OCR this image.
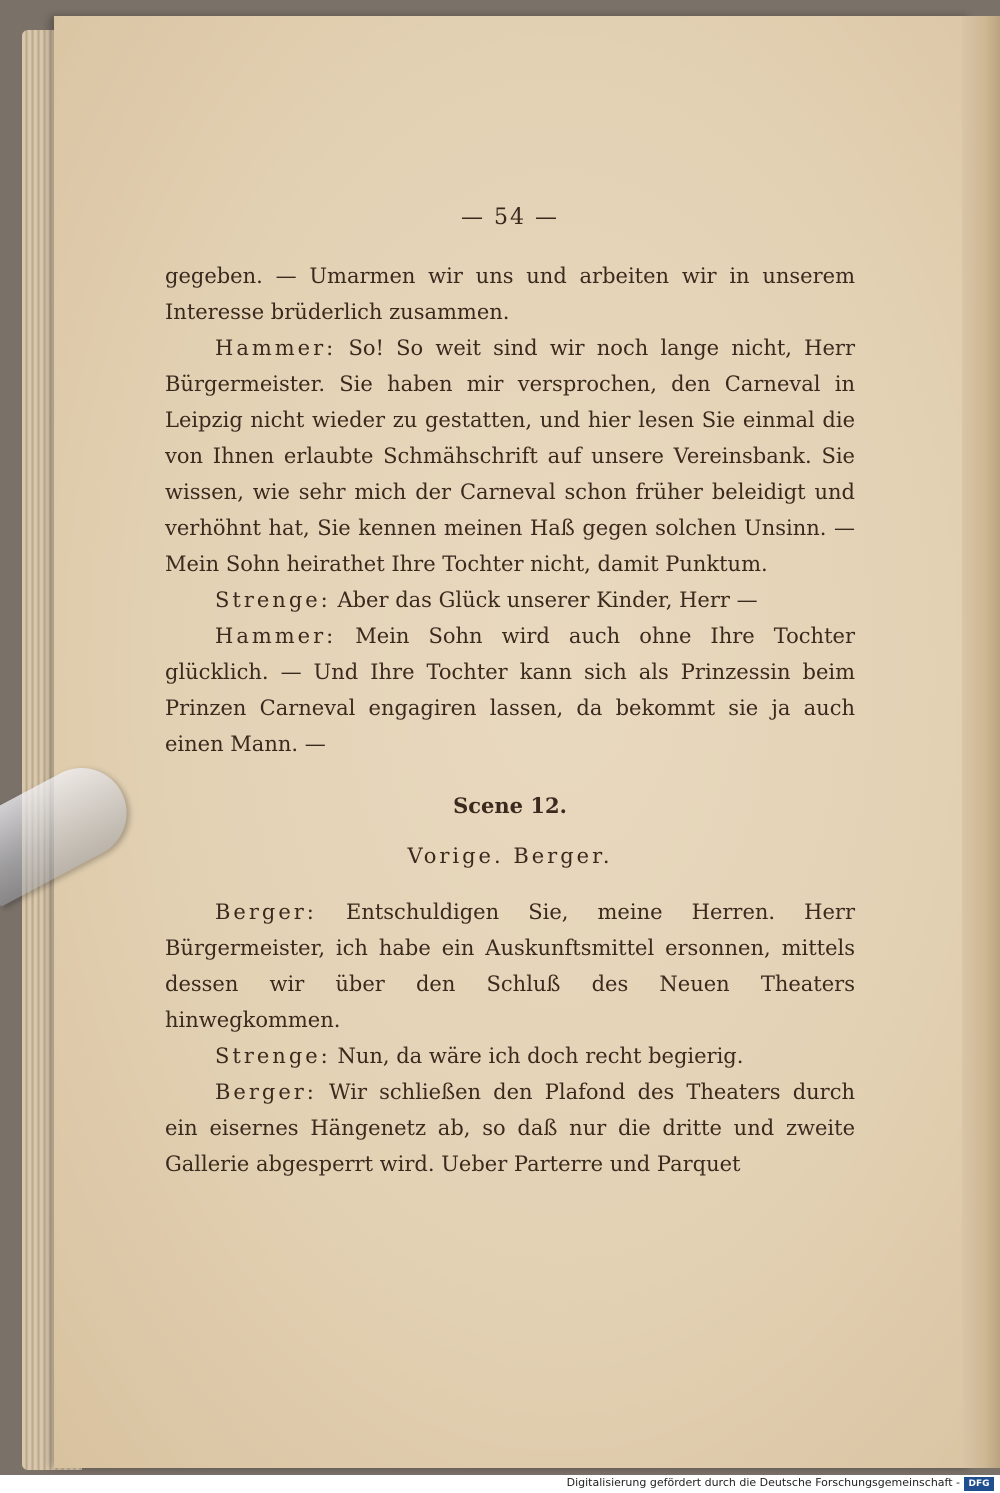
— 54 —

gegeben. — Umarmen wir uns und arbeiten wir in unserem Interesse brüderlich zusammen.

Hammer: So! So weit sind wir noch lange nicht, Herr Bürgermeister. Sie haben mir versprochen, den Carneval in Leipzig nicht wieder zu gestatten, und hier lesen Sie einmal die von Ihnen erlaubte Schmähschrift auf unsere Vereinsbank. Sie wissen, wie sehr mich der Carneval schon früher beleidigt und verhöhnt hat, Sie kennen meinen Haß gegen solchen Unsinn. — Mein Sohn heirathet Ihre Tochter nicht, damit Punktum.

Strenge: Aber das Glück unserer Kinder, Herr —

Hammer: Mein Sohn wird auch ohne Ihre Tochter glücklich. — Und Ihre Tochter kann sich als Prinzessin beim Prinzen Carneval engagiren lassen, da bekommt sie ja auch einen Mann. —

Scene 12.
Vorige. Berger.

Berger: Entschuldigen Sie, meine Herren. Herr Bürgermeister, ich habe ein Auskunftsmittel ersonnen, mittels dessen wir über den Schluß des Neuen Theaters hinwegkommen.

Strenge: Nun, da wäre ich doch recht begierig.

Berger: Wir schließen den Plafond des Theaters durch ein eisernes Hängenetz ab, so daß nur die dritte und zweite Gallerie abgesperrt wird. Ueber Parterre und Parquet

Digitalisierung gefördert durch die Deutsche Forschungsgemeinschaft - DFG
